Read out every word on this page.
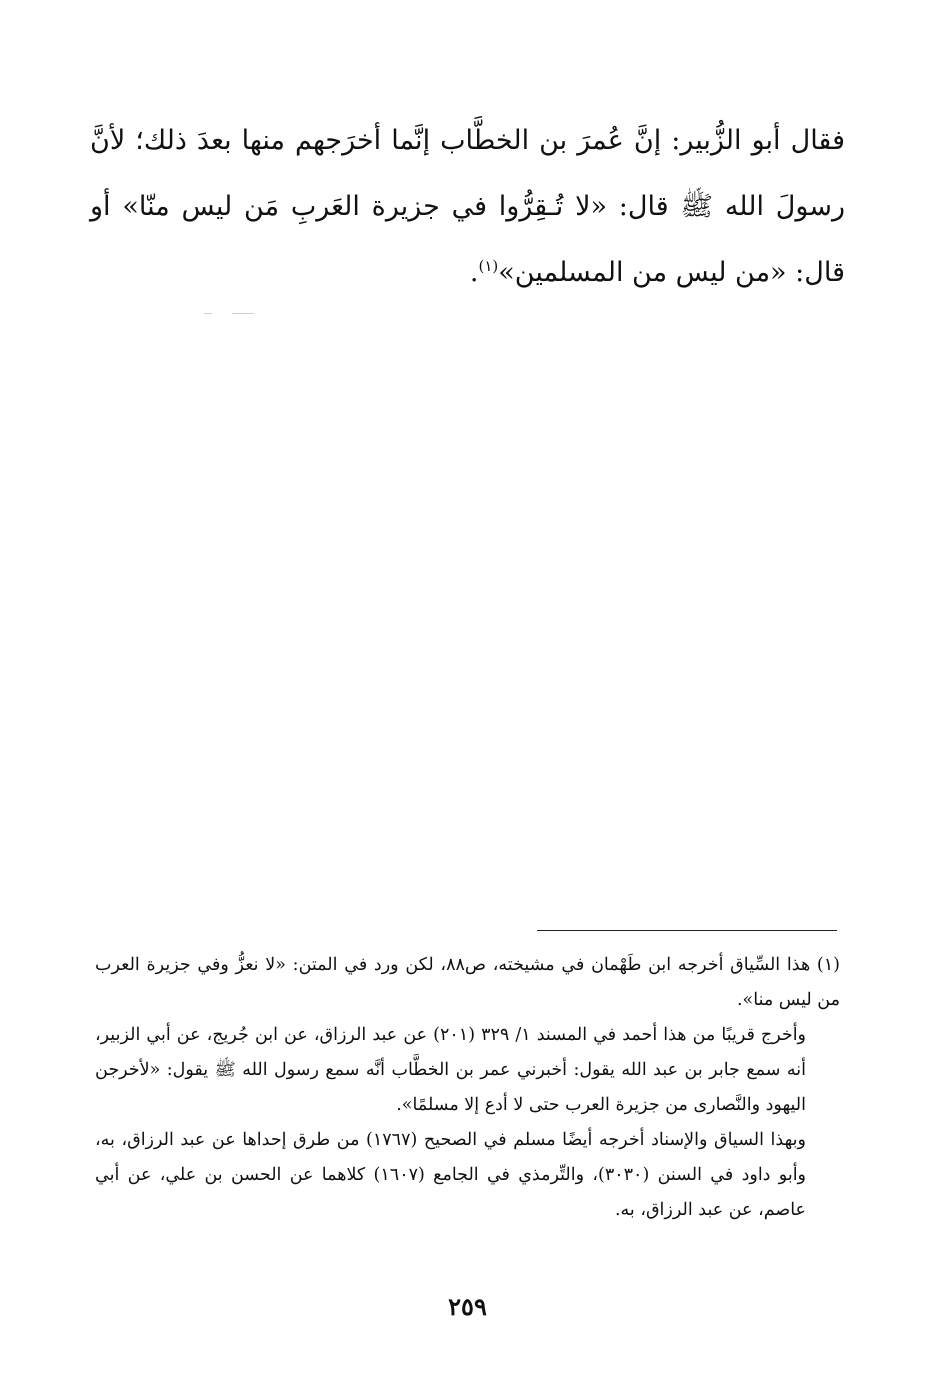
فقال أبو الزُّبير: إنَّ عُمرَ بن الخطَّاب إنَّما أخرَجهم منها بعدَ ذلك؛ لأنَّ رسولَ الله ﷺ قال: «لا تُـقِرُّوا في جزيرة العَربِ مَن ليس منّا» أو قال: «من ليس من المسلمين»$^{(١)}$.

(١) هذا السِّياق أخرجه ابن طَهْمان في مشيخته، ص٨٨، لكن ورد في المتن: «لا نعزُّ وفي جزيرة العرب من ليس منا».

وأخرج قريبًا من هذا أحمد في المسند ١/ ٣٢٩ (٢٠١) عن عبد الرزاق، عن ابن جُريج، عن أبي الزبير، أنه سمع جابر بن عبد الله يقول: أخبرني عمر بن الخطَّاب أنَّه سمع رسول الله ﷺ يقول: «لأخرجن اليهود والنَّصارى من جزيرة العرب حتى لا أدع إلا مسلمًا».

وبهذا السياق والإسناد أخرجه أيضًا مسلم في الصحيح (١٧٦٧) من طرق إحداها عن عبد الرزاق، به، وأبو داود في السنن (٣٠٣٠)، والتِّرمذي في الجامع (١٦٠٧) كلاهما عن الحسن بن علي، عن أبي عاصم، عن عبد الرزاق، به.

٢٥٩
